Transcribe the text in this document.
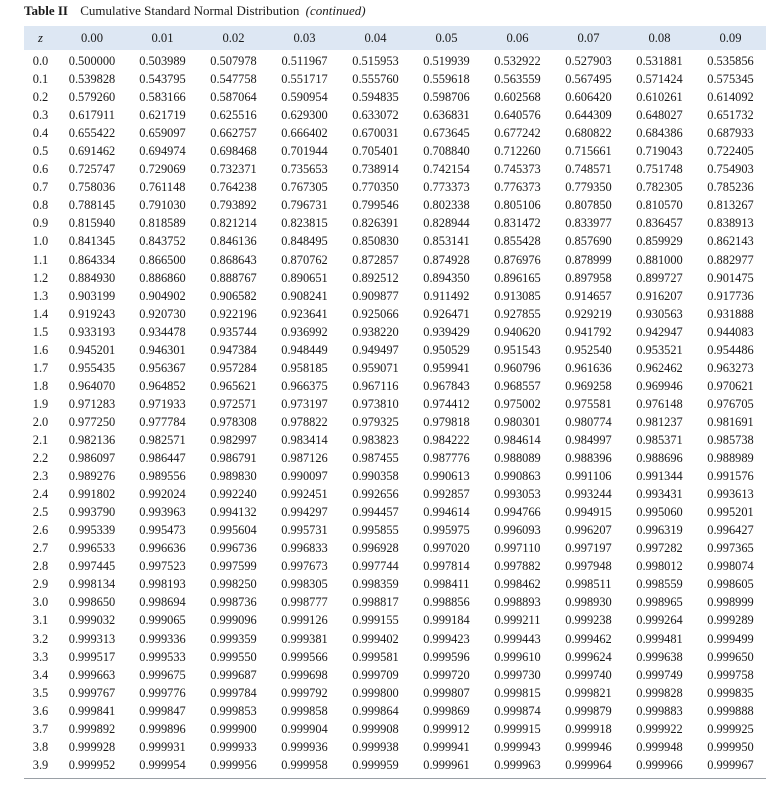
Table II Cumulative Standard Normal Distribution (continued)
z	0.00	0.01	0.02	0.03	0.04	0.05	0.06	0.07	0.08	0.09
0.0	0.500000	0.503989	0.507978	0.511967	0.515953	0.519939	0.532922	0.527903	0.531881	0.535856
0.1	0.539828	0.543795	0.547758	0.551717	0.555760	0.559618	0.563559	0.567495	0.571424	0.575345
0.2	0.579260	0.583166	0.587064	0.590954	0.594835	0.598706	0.602568	0.606420	0.610261	0.614092
0.3	0.617911	0.621719	0.625516	0.629300	0.633072	0.636831	0.640576	0.644309	0.648027	0.651732
0.4	0.655422	0.659097	0.662757	0.666402	0.670031	0.673645	0.677242	0.680822	0.684386	0.687933
0.5	0.691462	0.694974	0.698468	0.701944	0.705401	0.708840	0.712260	0.715661	0.719043	0.722405
0.6	0.725747	0.729069	0.732371	0.735653	0.738914	0.742154	0.745373	0.748571	0.751748	0.754903
0.7	0.758036	0.761148	0.764238	0.767305	0.770350	0.773373	0.776373	0.779350	0.782305	0.785236
0.8	0.788145	0.791030	0.793892	0.796731	0.799546	0.802338	0.805106	0.807850	0.810570	0.813267
0.9	0.815940	0.818589	0.821214	0.823815	0.826391	0.828944	0.831472	0.833977	0.836457	0.838913
1.0	0.841345	0.843752	0.846136	0.848495	0.850830	0.853141	0.855428	0.857690	0.859929	0.862143
1.1	0.864334	0.866500	0.868643	0.870762	0.872857	0.874928	0.876976	0.878999	0.881000	0.882977
1.2	0.884930	0.886860	0.888767	0.890651	0.892512	0.894350	0.896165	0.897958	0.899727	0.901475
1.3	0.903199	0.904902	0.906582	0.908241	0.909877	0.911492	0.913085	0.914657	0.916207	0.917736
1.4	0.919243	0.920730	0.922196	0.923641	0.925066	0.926471	0.927855	0.929219	0.930563	0.931888
1.5	0.933193	0.934478	0.935744	0.936992	0.938220	0.939429	0.940620	0.941792	0.942947	0.944083
1.6	0.945201	0.946301	0.947384	0.948449	0.949497	0.950529	0.951543	0.952540	0.953521	0.954486
1.7	0.955435	0.956367	0.957284	0.958185	0.959071	0.959941	0.960796	0.961636	0.962462	0.963273
1.8	0.964070	0.964852	0.965621	0.966375	0.967116	0.967843	0.968557	0.969258	0.969946	0.970621
1.9	0.971283	0.971933	0.972571	0.973197	0.973810	0.974412	0.975002	0.975581	0.976148	0.976705
2.0	0.977250	0.977784	0.978308	0.978822	0.979325	0.979818	0.980301	0.980774	0.981237	0.981691
2.1	0.982136	0.982571	0.982997	0.983414	0.983823	0.984222	0.984614	0.984997	0.985371	0.985738
2.2	0.986097	0.986447	0.986791	0.987126	0.987455	0.987776	0.988089	0.988396	0.988696	0.988989
2.3	0.989276	0.989556	0.989830	0.990097	0.990358	0.990613	0.990863	0.991106	0.991344	0.991576
2.4	0.991802	0.992024	0.992240	0.992451	0.992656	0.992857	0.993053	0.993244	0.993431	0.993613
2.5	0.993790	0.993963	0.994132	0.994297	0.994457	0.994614	0.994766	0.994915	0.995060	0.995201
2.6	0.995339	0.995473	0.995604	0.995731	0.995855	0.995975	0.996093	0.996207	0.996319	0.996427
2.7	0.996533	0.996636	0.996736	0.996833	0.996928	0.997020	0.997110	0.997197	0.997282	0.997365
2.8	0.997445	0.997523	0.997599	0.997673	0.997744	0.997814	0.997882	0.997948	0.998012	0.998074
2.9	0.998134	0.998193	0.998250	0.998305	0.998359	0.998411	0.998462	0.998511	0.998559	0.998605
3.0	0.998650	0.998694	0.998736	0.998777	0.998817	0.998856	0.998893	0.998930	0.998965	0.998999
3.1	0.999032	0.999065	0.999096	0.999126	0.999155	0.999184	0.999211	0.999238	0.999264	0.999289
3.2	0.999313	0.999336	0.999359	0.999381	0.999402	0.999423	0.999443	0.999462	0.999481	0.999499
3.3	0.999517	0.999533	0.999550	0.999566	0.999581	0.999596	0.999610	0.999624	0.999638	0.999650
3.4	0.999663	0.999675	0.999687	0.999698	0.999709	0.999720	0.999730	0.999740	0.999749	0.999758
3.5	0.999767	0.999776	0.999784	0.999792	0.999800	0.999807	0.999815	0.999821	0.999828	0.999835
3.6	0.999841	0.999847	0.999853	0.999858	0.999864	0.999869	0.999874	0.999879	0.999883	0.999888
3.7	0.999892	0.999896	0.999900	0.999904	0.999908	0.999912	0.999915	0.999918	0.999922	0.999925
3.8	0.999928	0.999931	0.999933	0.999936	0.999938	0.999941	0.999943	0.999946	0.999948	0.999950
3.9	0.999952	0.999954	0.999956	0.999958	0.999959	0.999961	0.999963	0.999964	0.999966	0.999967
